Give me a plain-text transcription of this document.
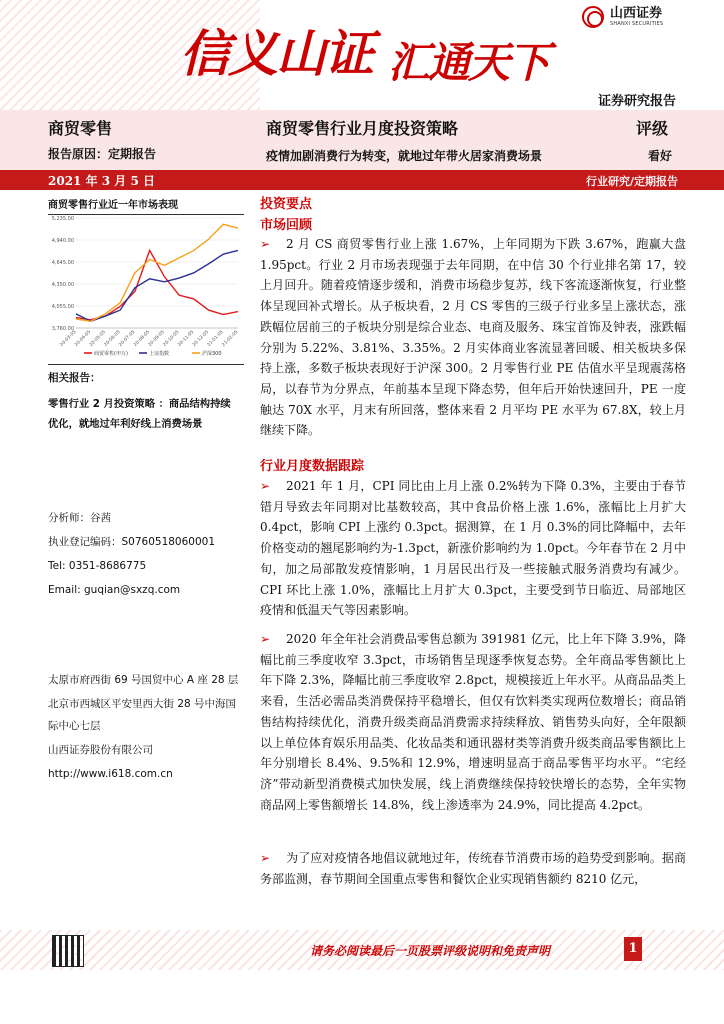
信义山证 汇通天下
山西证券
SHANXI SECURITIES
证券研究报告
商贸零售	商贸零售行业月度投资策略	评级
报告原因：定期报告	疫情加剧消费行为转变，就地过年带火居家消费场景	看好
2021 年 3 月 5 日	行业研究/定期报告
商贸零售行业近一年市场表现
5,235.00
4,940.00
4,645.00
4,350.00
4,055.00
3,760.00
20-03-05
20-04-05
20-05-05
20-06-05
20-07-05
20-08-05
20-09-05
20-10-05
20-11-05
20-12-05
21-01-05
21-02-05
商贸零售(申万)	上证指数	沪深300
相关报告：
零售行业 2 月投资策略 ：商品结构持续
优化，就地过年利好线上消费场景
分析师：谷茜
执业登记编码：S0760518060001
Tel: 0351-8686775
Email: guqian@sxzq.com
太原市府西街 69 号国贸中心 A 座 28 层
北京市西城区平安里西大街 28 号中海国
际中心七层
山西证券股份有限公司
http://www.i618.com.cn
投资要点
市场回顾

➢ 2 月 CS 商贸零售行业上涨 1.67%，上年同期为下跌 3.67%，跑赢大盘 1.95pct。行业 2 月市场表现强于去年同期，在中信 30 个行业排名第 17，较上月回升。随着疫情逐步缓和，消费市场稳步复苏，线下客流逐渐恢复，行业整体呈现回补式增长。从子板块看，2 月 CS 零售的三级子行业多呈上涨状态，涨跌幅位居前三的子板块分别是综合业态、电商及服务、珠宝首饰及钟表，涨跌幅分别为 5.22%、3.81%、3.35%。2 月实体商业客流显著回暖、相关板块多保持上涨，多数子板块表现好于沪深 300。2 月零售行业 PE 估值水平呈现震荡格局，以春节为分界点，年前基本呈现下降态势，但年后开始快速回升，PE 一度触达 70X 水平，月末有所回落，整体来看 2 月平均 PE 水平为 67.8X，较上月继续下降。

行业月度数据跟踪

➢ 2021 年 1 月，CPI 同比由上月上涨 0.2%转为下降 0.3%，主要由于春节错月导致去年同期对比基数较高，其中食品价格上涨 1.6%，涨幅比上月扩大 0.4pct，影响 CPI 上涨约 0.3pct。据测算，在 1 月 0.3%的同比降幅中，去年价格变动的翘尾影响约为-1.3pct，新涨价影响约为 1.0pct。今年春节在 2 月中旬，加之局部散发疫情影响，1 月居民出行及一些接触式服务消费均有减少。CPI 环比上涨 1.0%，涨幅比上月扩大 0.3pct，主要受到节日临近、局部地区疫情和低温天气等因素影响。

➢ 2020 年全年社会消费品零售总额为 391981 亿元，比上年下降 3.9%，降幅比前三季度收窄 3.3pct，市场销售呈现逐季恢复态势。全年商品零售额比上年下降 2.3%，降幅比前三季度收窄 2.8pct，规模接近上年水平。从商品品类上来看，生活必需品类消费保持平稳增长，但仅有饮料类实现两位数增长；商品销售结构持续优化，消费升级类商品消费需求持续释放、销售势头向好，全年限额以上单位体育娱乐用品类、化妆品类和通讯器材类等消费升级类商品零售额比上年分别增长 8.4%、9.5%和 12.9%，增速明显高于商品零售平均水平。“宅经济”带动新型消费模式加快发展，线上消费继续保持较快增长的态势，全年实物商品网上零售额增长 14.8%，线上渗透率为 24.9%，同比提高 4.2pct。

➢ 为了应对疫情各地倡议就地过年，传统春节消费市场的趋势受到影响。据商务部监测，春节期间全国重点零售和餐饮企业实现销售额约 8210 亿元，

请务必阅读最后一页股票评级说明和免责声明	1
